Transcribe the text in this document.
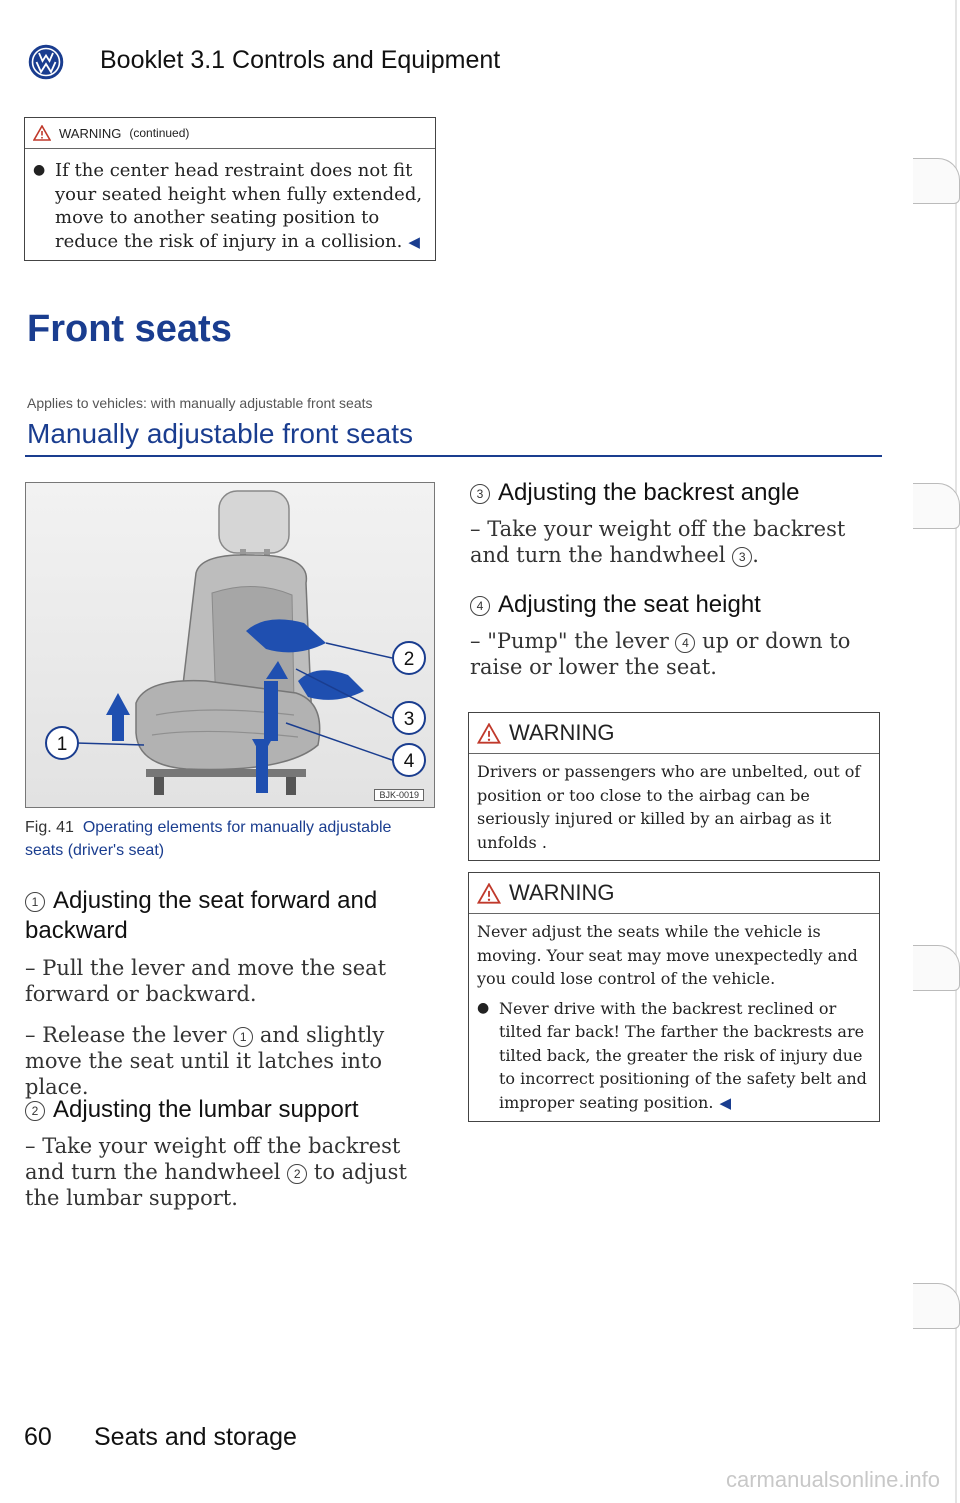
Booklet 3.1 Controls and Equipment
WARNING (continued)
● If the center head restraint does not fit your seated height when fully extended, move to another seating position to reduce the risk of injury in a collision. ◀
Front seats
Applies to vehicles: with manually adjustable front seats
Manually adjustable front seats
2
3
4
1
BJK-0019
Fig. 41 Operating elements for manually adjustable seats (driver's seat)
1 Adjusting the seat forward and backward
– Pull the lever and move the seat forward or backward.
– Release the lever 1 and slightly move the seat until it latches into place.
2 Adjusting the lumbar support
– Take your weight off the backrest and turn the handwheel 2 to adjust the lumbar support.
3 Adjusting the backrest angle
– Take your weight off the backrest and turn the handwheel 3 .
4 Adjusting the seat height
– "Pump" the lever 4 up or down to raise or lower the seat.
WARNING
Drivers or passengers who are unbelted, out of position or too close to the airbag can be seriously injured or killed by an airbag as it unfolds .
WARNING
Never adjust the seats while the vehicle is moving. Your seat may move unexpectedly and you could lose control of the vehicle.
● Never drive with the backrest reclined or tilted far back! The farther the backrests are tilted back, the greater the risk of injury due to incorrect positioning of the safety belt and improper seating position. ◀
60 Seats and storage
carmanualsonline.info
